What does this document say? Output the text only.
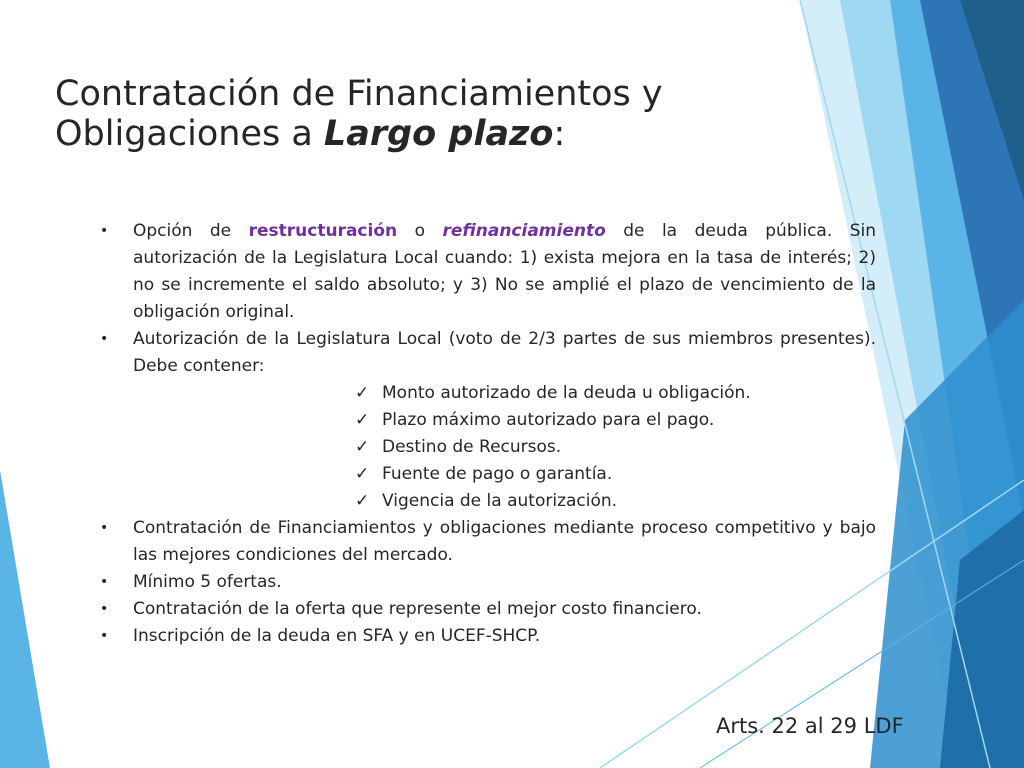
Contratación de Financiamientos y
Obligaciones a Largo plazo:
•	Opción de restructuración o refinanciamiento de la deuda pública. Sin autorización de la Legislatura Local cuando: 1) exista mejora en la tasa de interés; 2) no se incremente el saldo absoluto; y 3) No se amplié el plazo de vencimiento de la obligación original.
•	Autorización de la Legislatura Local (voto de 2/3 partes de sus miembros presentes). Debe contener:
✓ Monto autorizado de la deuda u obligación.
✓ Plazo máximo autorizado para el pago.
✓ Destino de Recursos.
✓ Fuente de pago o garantía.
✓ Vigencia de la autorización.
•	Contratación de Financiamientos y obligaciones mediante proceso competitivo y bajo las mejores condiciones del mercado.
•	Mínimo 5 ofertas.
•	Contratación de la oferta que represente el mejor costo financiero.
•	Inscripción de la deuda en SFA y en UCEF-SHCP.
Arts. 22 al 29 LDF
